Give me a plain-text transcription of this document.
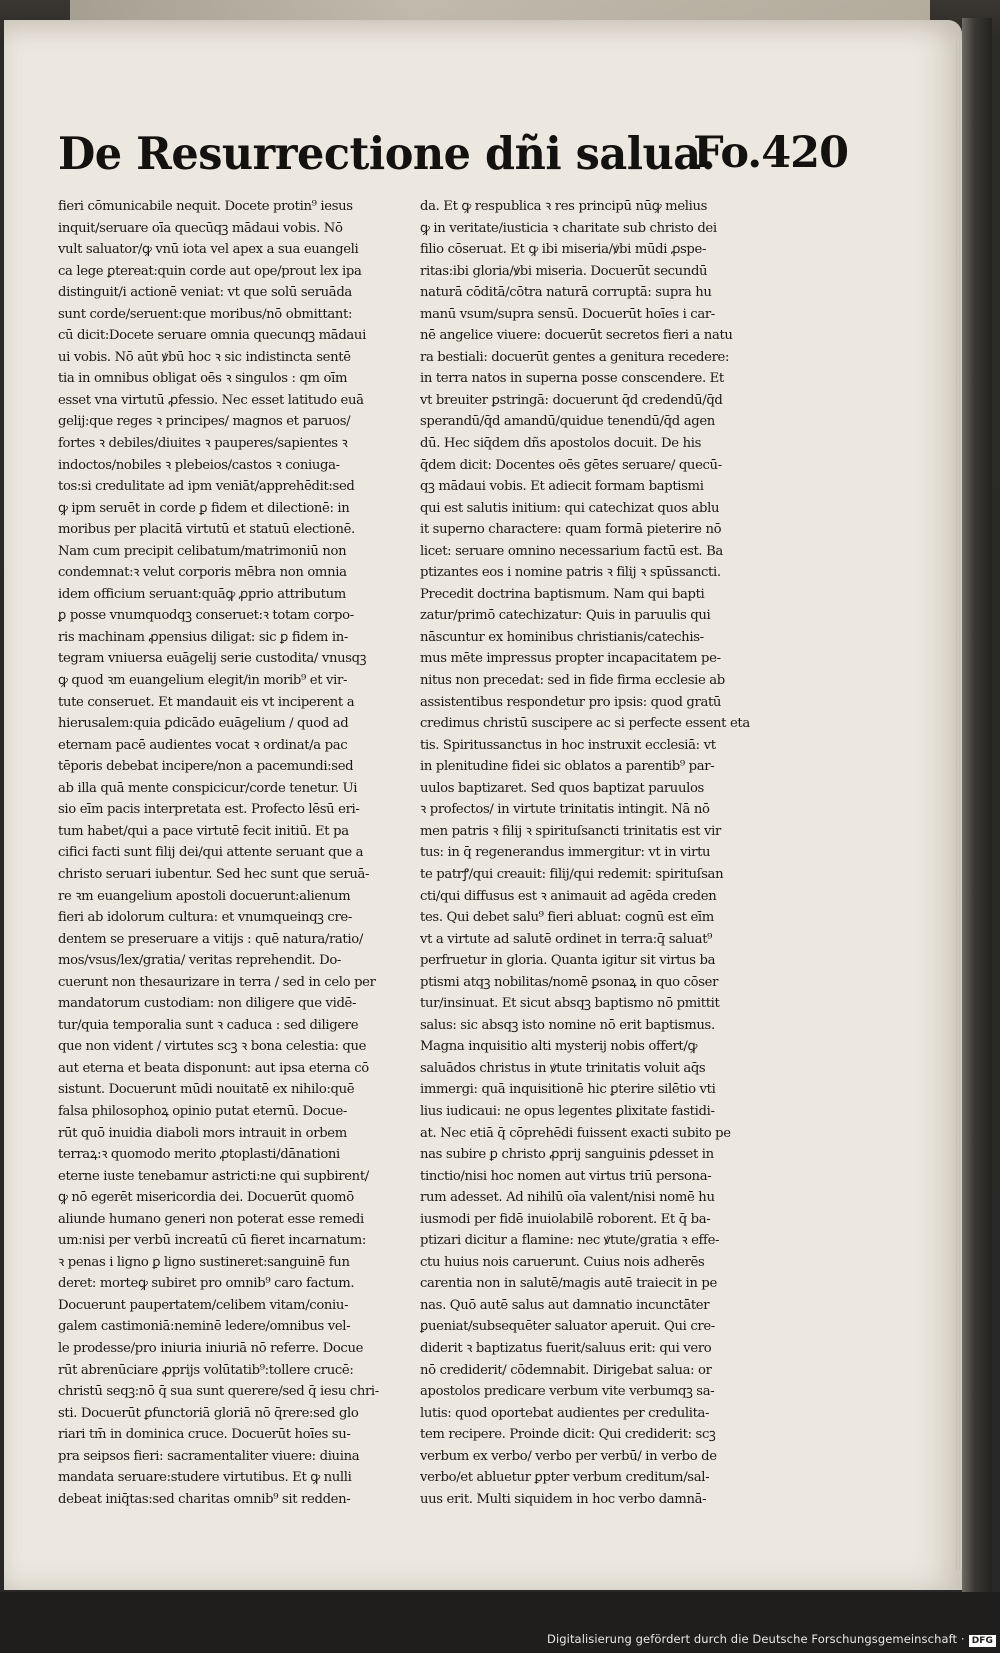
De Resurrectione dñi salua.
Fo.420
fieri cōmunicabile nequit. Docete protin⁹ iesus
inquit/seruare oīa quecūqꝫ mādaui vobis. Nō
vult saluator/ꝙ vnū iota vel apex a sua euangeli
ca lege ꝑtereat:quin corde aut ope/prout lex ipa
distinguit/i actionē veniat: vt que solū seruāda
sunt corde/seruent:que moribus/nō obmittant:
cū dicit:Docete seruare omnia quecunqꝫ mādaui
ui vobis. Nō aūt ꝟbū hoc ꝛ sic indistincta sentē
tia in omnibus obligat oēs ꝛ singulos : qm oīm
esset vna virtutū ꝓfessio. Nec esset latitudo euā
gelij:que reges ꝛ principes/ magnos et paruos/
fortes ꝛ debiles/diuites ꝛ pauperes/sapientes ꝛ
indoctos/nobiles ꝛ plebeios/castos ꝛ coniuga-
tos:si credulitate ad ipm veniāt/apprehēdit:sed
ꝙ ipm seruēt in corde ꝑ fidem et dilectionē: in
moribus per placitā virtutū et statuū electionē.
Nam cum precipit celibatum/matrimoniū non
condemnat:ꝛ velut corporis mēbra non omnia
idem officium seruant:quāꝙ ꝓprio attributum
ꝑ posse vnumquodqꝫ conseruet:ꝛ totam corpo-
ris machinam ꝓpensius diligat: sic ꝑ fidem in-
tegram vniuersa euāgelij serie custodita/ vnusqꝫ
ꝙ quod ꝛm euangelium elegit/in morib⁹ et vir-
tute conseruet. Et mandauit eis vt inciperent a
hierusalem:quia ꝑdicādo euāgelium / quod ad
eternam pacē audientes vocat ꝛ ordinat/a pac
tēporis debebat incipere/non a pacemundi:sed
ab illa quā mente conspicicur/corde tenetur. Ui
sio eīm pacis interpretata est. Profecto lēsū eri-
tum habet/qui a pace virtutē fecit initiū. Et pa
cifici facti sunt filij dei/qui attente seruant que a
christo seruari iubentur. Sed hec sunt que seruā-
re ꝛm euangelium apostoli docuerunt:alienum
fieri ab idolorum cultura: et vnumqueinqꝫ cre-
dentem se preseruare a vitijs : quē natura/ratio/
mos/vsus/lex/gratia/ veritas reprehendit. Do-
cuerunt non thesaurizare in terra / sed in celo per
mandatorum custodiam: non diligere que vidē-
tur/quia temporalia sunt ꝛ caduca : sed diligere
que non vident / virtutes scꝫ ꝛ bona celestia: que
aut eterna et beata disponunt: aut ipsa eterna cō
sistunt. Docuerunt mūdi nouitatē ex nihilo:quē
falsa philosophoꝝ opinio putat eternū. Docue-
rūt quō inuidia diaboli mors intrauit in orbem
terraꝝ:ꝛ quomodo merito ꝓtoplasti/dānationi
eterne iuste tenebamur astricti:ne qui supbirent/
ꝙ nō egerēt misericordia dei. Docuerūt quomō
aliunde humano generi non poterat esse remedi
um:nisi per verbū increatū cū fieret incarnatum:
ꝛ penas i ligno ꝑ ligno sustineret:sanguinē fun
deret: morteꝙ subiret pro omnib⁹ caro factum.
Docuerunt paupertatem/celibem vitam/coniu-
galem castimoniā:neminē ledere/omnibus vel-
le prodesse/pro iniuria iniuriā nō referre. Docue
rūt abrenūciare ꝓprijs volūtatib⁹:tollere crucē:
christū seqꝫ:nō q̄ sua sunt querere/sed q̄ iesu chri-
sti. Docuerūt ꝑfunctoriā gloriā nō q̄rere:sed glo
riari tm̄ in dominica cruce. Docuerūt hoīes su-
pra seipsos fieri: sacramentaliter viuere: diuina
mandata seruare:studere virtutibus. Et ꝙ nulli
debeat iniq̄tas:sed charitas omnib⁹ sit redden-
da. Et ꝙ respublica ꝛ res principū nūꝙ melius
ꝙ in veritate/iusticia ꝛ charitate sub christo dei
filio cōseruat. Et ꝙ ibi miseria/ꝟbi mūdi ꝓspe-
ritas:ibi gloria/ꝟbi miseria. Docuerūt secundū
naturā cōditā/cōtra naturā corruptā: supra hu
manū vsum/supra sensū. Docuerūt hoīes i car-
nē angelice viuere: docuerūt secretos fieri a natu
ra bestiali: docuerūt gentes a genitura recedere:
in terra natos in superna posse conscendere. Et
vt breuiter ꝑstringā: docuerunt q̄d credendū/q̄d
sperandū/q̄d amandū/quidue tenendū/q̄d agen
dū. Hec siq̄dem dñs apostolos docuit. De his
q̄dem dicit: Docentes oēs gētes seruare/ quecū-
qꝫ mādaui vobis. Et adiecit formam baptismi
qui est salutis initium: qui catechizat quos ablu
it superno charactere: quam formā pieterire nō
licet: seruare omnino necessarium factū est. Ba
ptizantes eos i nomine patris ꝛ filij ꝛ spūssancti.
Precedit doctrina baptismum. Nam qui bapti
zatur/primō catechizatur: Quis in paruulis qui
nāscuntur ex hominibus christianis/catechis-
mus mēte impressus propter incapacitatem pe-
nitus non precedat: sed in fide firma ecclesie ab
assistentibus respondetur pro ipsis: quod gratū
credimus christū suscipere ac si perfecte essent eta
tis. Spiritussanctus in hoc instruxit ecclesiā: vt
in plenitudine fidei sic oblatos a parentib⁹ par-
uulos baptizaret. Sed quos baptizat paruulos
ꝛ profectos/ in virtute trinitatis intingit. Nā nō
men patris ꝛ filij ꝛ spirituſsancti trinitatis est vir
tus: in q̄ regenerandus immergitur: vt in virtu
te patrꝭ/qui creauit: filij/qui redemit: spirituſsan
cti/qui diffusus est ꝛ animauit ad agēda creden
tes. Qui debet salu⁹ fieri abluat: cognū est eīm
vt a virtute ad salutē ordinet in terra:q̄ saluat⁹
perfruetur in gloria. Quanta igitur sit virtus ba
ptismi atqꝫ nobilitas/nomē ꝑsonaꝝ in quo cōser
tur/insinuat. Et sicut absqꝫ baptismo nō pmittit
salus: sic absqꝫ isto nomine nō erit baptismus.
Magna inquisitio alti mysterij nobis offert/ꝙ
saluādos christus in ꝟtute trinitatis voluit aq̄s
immergi: quā inquisitionē hic ꝑterire silētio vti
lius iudicaui: ne opus legentes ꝑlixitate fastidi-
at. Nec etiā q̄ cōprehēdi fuissent exacti subito pe
nas subire ꝑ christo ꝓprij sanguinis ꝑdesset in
tinctio/nisi hoc nomen aut virtus triū persona-
rum adesset. Ad nihilū oīa valent/nisi nomē hu
iusmodi per fidē inuiolabilē roborent. Et q̄ ba-
ptizari dicitur a flamine: nec ꝟtute/gratia ꝛ effe-
ctu huius nois caruerunt. Cuius nois adherēs
carentia non in salutē/magis autē traiecit in pe
nas. Quō autē salus aut damnatio incunctāter
ꝑueniat/subsequēter saluator aperuit. Qui cre-
diderit ꝛ baptizatus fuerit/saluus erit: qui vero
nō crediderit/ cōdemnabit. Dirigebat salua: or
apostolos predicare verbum vite verbumqꝫ sa-
lutis: quod oportebat audientes per credulita-
tem recipere. Proinde dicit: Qui crediderit: scꝫ
verbum ex verbo/ verbo per verbū/ in verbo de
verbo/et abluetur ꝑpter verbum creditum/sal-
uus erit. Multi siquidem in hoc verbo damnā-
Digitalisierung gefördert durch die Deutsche Forschungsgemeinschaft · DFG
